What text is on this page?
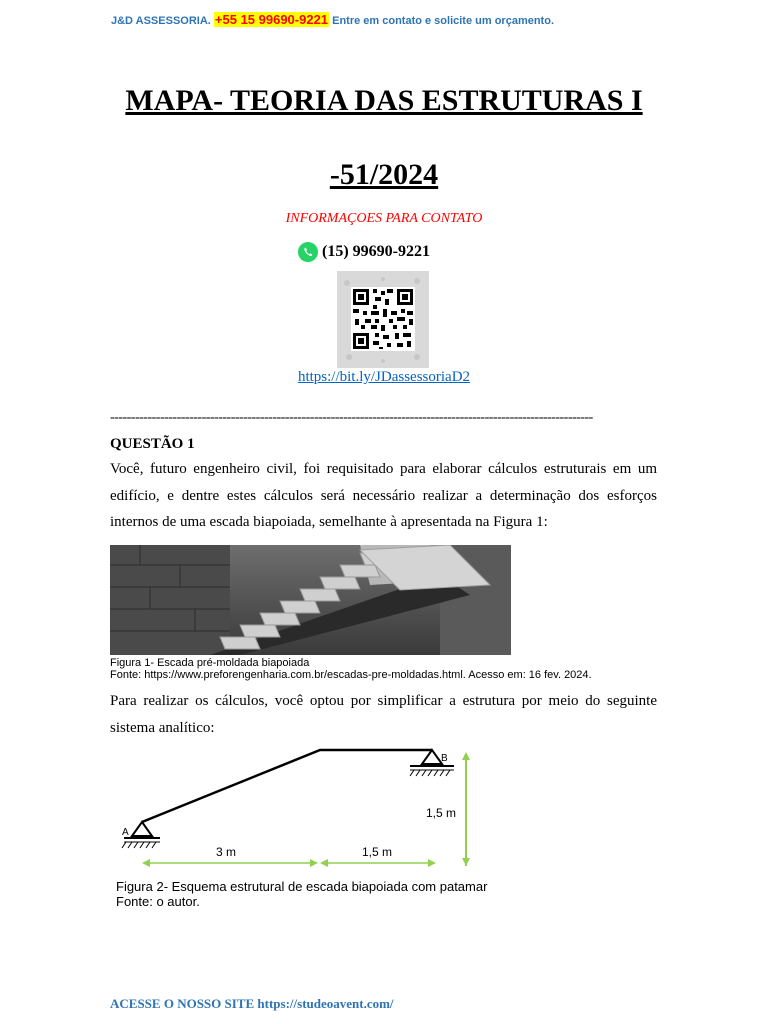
J&D ASSESSORIA. +55 15 99690-9221 Entre em contato e solicite um orçamento.
MAPA- TEORIA DAS ESTRUTURAS I
-51/2024
INFORMAÇOES PARA CONTATO
(15) 99690-9221
https://bit.ly/JDassessoriaD2
--------------------------------------------------------------------------------------------------------------------
QUESTÃO 1
Você, futuro engenheiro civil, foi requisitado para elaborar cálculos estruturais em um edifício, e dentre estes cálculos será necessário realizar a determinação dos esforços internos de uma escada biapoiada, semelhante à apresentada na Figura 1:
Figura 1- Escada pré-moldada biapoiada
Fonte: https://www.preforengenharia.com.br/escadas-pre-moldadas.html. Acesso em: 16 fev. 2024.
Para realizar os cálculos, você optou por simplificar a estrutura por meio do seguinte sistema analítico:
A
B
1,5 m
3 m	1,5 m
Figura 2- Esquema estrutural de escada biapoiada com patamar
Fonte: o autor.
ACESSE O NOSSO SITE https://studeoavent.com/
